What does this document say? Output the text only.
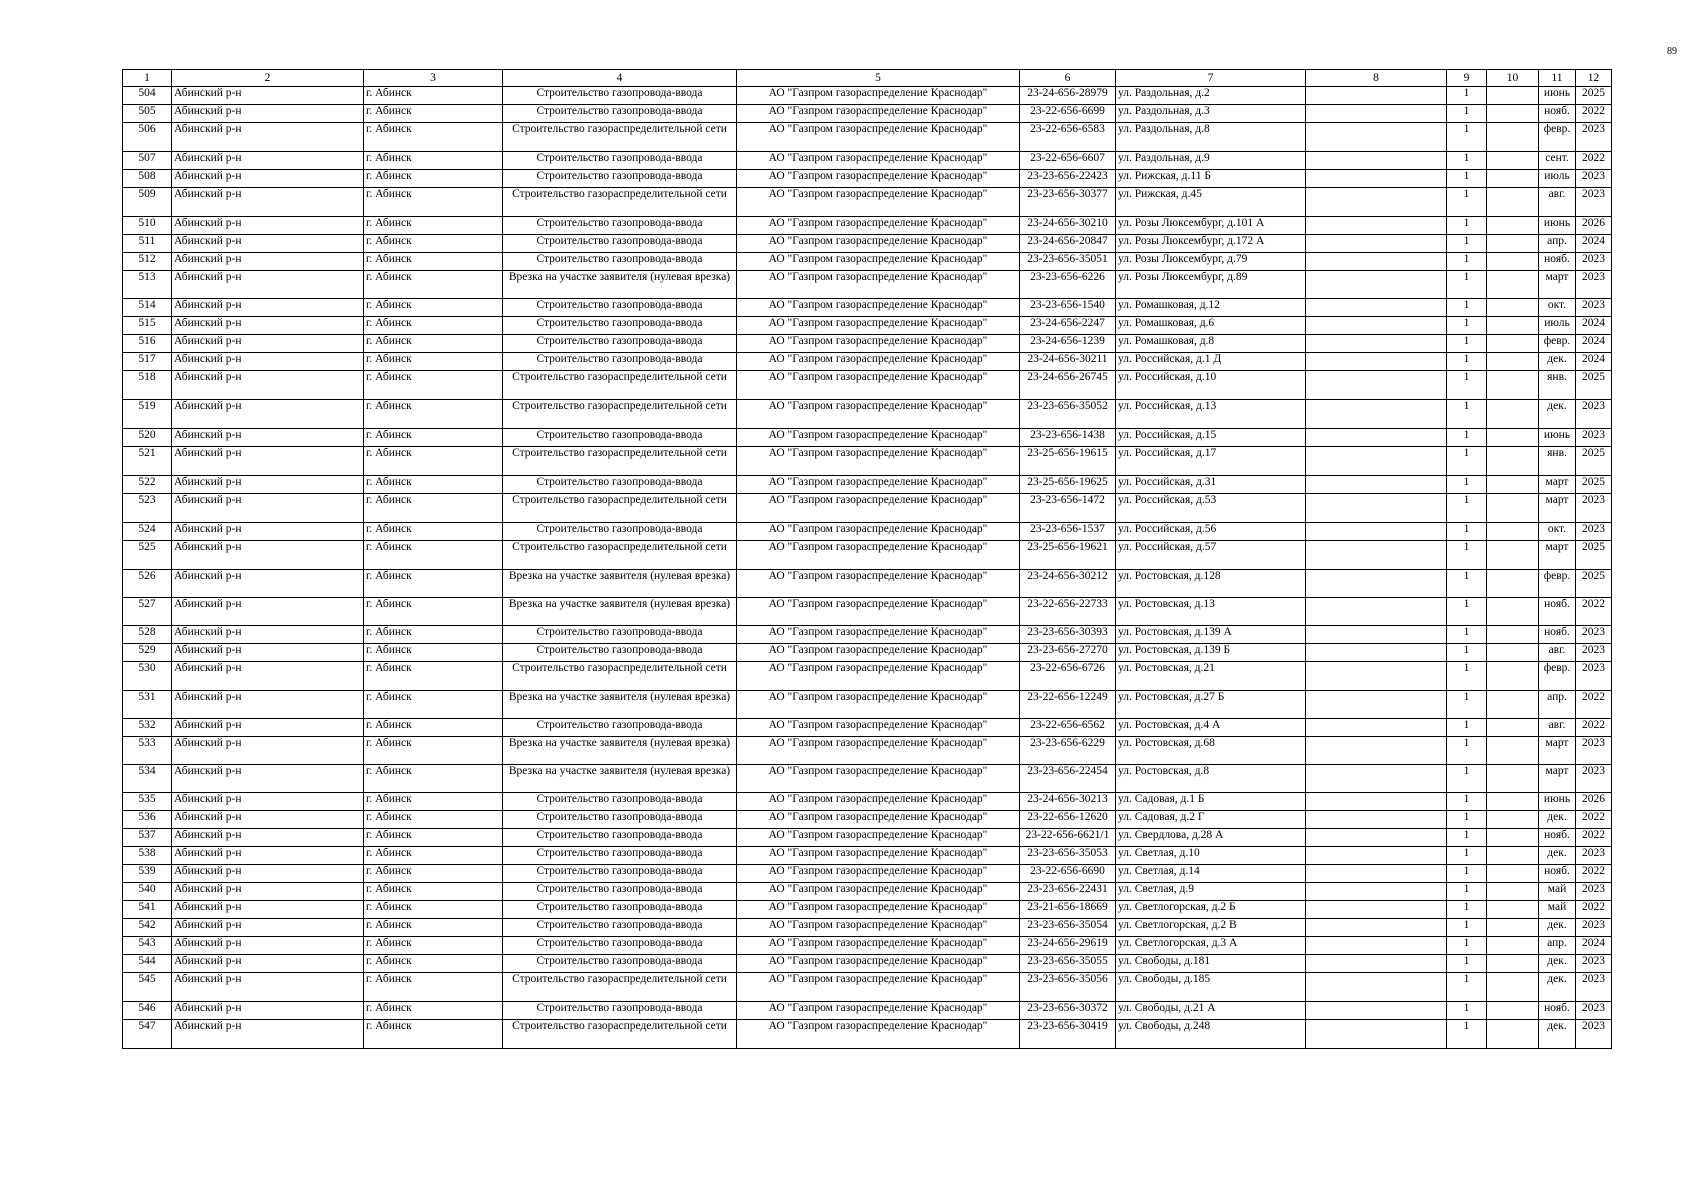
89
1	2	3	4	5	6	7	8	9	10	11	12
504	Абинский р-н	г. Абинск	Строительство газопровода-ввода	АО "Газпром газораспределение Краснодар"	23-24-656-28979	ул. Раздольная, д.2		1		июнь	2025
505	Абинский р-н	г. Абинск	Строительство газопровода-ввода	АО "Газпром газораспределение Краснодар"	23-22-656-6699	ул. Раздольная, д.3		1		нояб.	2022
506	Абинский р-н	г. Абинск	Строительство газораспределительной сети	АО "Газпром газораспределение Краснодар"	23-22-656-6583	ул. Раздольная, д.8		1		февр.	2023
507	Абинский р-н	г. Абинск	Строительство газопровода-ввода	АО "Газпром газораспределение Краснодар"	23-22-656-6607	ул. Раздольная, д.9		1		сент.	2022
508	Абинский р-н	г. Абинск	Строительство газопровода-ввода	АО "Газпром газораспределение Краснодар"	23-23-656-22423	ул. Рижская, д.11 Б		1		июль	2023
509	Абинский р-н	г. Абинск	Строительство газораспределительной сети	АО "Газпром газораспределение Краснодар"	23-23-656-30377	ул. Рижская, д.45		1		авг.	2023
510	Абинский р-н	г. Абинск	Строительство газопровода-ввода	АО "Газпром газораспределение Краснодар"	23-24-656-30210	ул. Розы Люксембург, д.101 А		1		июнь	2026
511	Абинский р-н	г. Абинск	Строительство газопровода-ввода	АО "Газпром газораспределение Краснодар"	23-24-656-20847	ул. Розы Люксембург, д.172 А		1		апр.	2024
512	Абинский р-н	г. Абинск	Строительство газопровода-ввода	АО "Газпром газораспределение Краснодар"	23-23-656-35051	ул. Розы Люксембург, д.79		1		нояб.	2023
513	Абинский р-н	г. Абинск	Врезка на участке заявителя (нулевая врезка)	АО "Газпром газораспределение Краснодар"	23-23-656-6226	ул. Розы Люксембург, д.89		1		март	2023
514	Абинский р-н	г. Абинск	Строительство газопровода-ввода	АО "Газпром газораспределение Краснодар"	23-23-656-1540	ул. Ромашковая, д.12		1		окт.	2023
515	Абинский р-н	г. Абинск	Строительство газопровода-ввода	АО "Газпром газораспределение Краснодар"	23-24-656-2247	ул. Ромашковая, д.6		1		июль	2024
516	Абинский р-н	г. Абинск	Строительство газопровода-ввода	АО "Газпром газораспределение Краснодар"	23-24-656-1239	ул. Ромашковая, д.8		1		февр.	2024
517	Абинский р-н	г. Абинск	Строительство газопровода-ввода	АО "Газпром газораспределение Краснодар"	23-24-656-30211	ул. Российская, д.1 Д		1		дек.	2024
518	Абинский р-н	г. Абинск	Строительство газораспределительной сети	АО "Газпром газораспределение Краснодар"	23-24-656-26745	ул. Российская, д.10		1		янв.	2025
519	Абинский р-н	г. Абинск	Строительство газораспределительной сети	АО "Газпром газораспределение Краснодар"	23-23-656-35052	ул. Российская, д.13		1		дек.	2023
520	Абинский р-н	г. Абинск	Строительство газопровода-ввода	АО "Газпром газораспределение Краснодар"	23-23-656-1438	ул. Российская, д.15		1		июнь	2023
521	Абинский р-н	г. Абинск	Строительство газораспределительной сети	АО "Газпром газораспределение Краснодар"	23-25-656-19615	ул. Российская, д.17		1		янв.	2025
522	Абинский р-н	г. Абинск	Строительство газопровода-ввода	АО "Газпром газораспределение Краснодар"	23-25-656-19625	ул. Российская, д.31		1		март	2025
523	Абинский р-н	г. Абинск	Строительство газораспределительной сети	АО "Газпром газораспределение Краснодар"	23-23-656-1472	ул. Российская, д.53		1		март	2023
524	Абинский р-н	г. Абинск	Строительство газопровода-ввода	АО "Газпром газораспределение Краснодар"	23-23-656-1537	ул. Российская, д.56		1		окт.	2023
525	Абинский р-н	г. Абинск	Строительство газораспределительной сети	АО "Газпром газораспределение Краснодар"	23-25-656-19621	ул. Российская, д.57		1		март	2025
526	Абинский р-н	г. Абинск	Врезка на участке заявителя (нулевая врезка)	АО "Газпром газораспределение Краснодар"	23-24-656-30212	ул. Ростовская, д.128		1		февр.	2025
527	Абинский р-н	г. Абинск	Врезка на участке заявителя (нулевая врезка)	АО "Газпром газораспределение Краснодар"	23-22-656-22733	ул. Ростовская, д.13		1		нояб.	2022
528	Абинский р-н	г. Абинск	Строительство газопровода-ввода	АО "Газпром газораспределение Краснодар"	23-23-656-30393	ул. Ростовская, д.139 А		1		нояб.	2023
529	Абинский р-н	г. Абинск	Строительство газопровода-ввода	АО "Газпром газораспределение Краснодар"	23-23-656-27270	ул. Ростовская, д.139 Б		1		авг.	2023
530	Абинский р-н	г. Абинск	Строительство газораспределительной сети	АО "Газпром газораспределение Краснодар"	23-22-656-6726	ул. Ростовская, д.21		1		февр.	2023
531	Абинский р-н	г. Абинск	Врезка на участке заявителя (нулевая врезка)	АО "Газпром газораспределение Краснодар"	23-22-656-12249	ул. Ростовская, д.27 Б		1		апр.	2022
532	Абинский р-н	г. Абинск	Строительство газопровода-ввода	АО "Газпром газораспределение Краснодар"	23-22-656-6562	ул. Ростовская, д.4 А		1		авг.	2022
533	Абинский р-н	г. Абинск	Врезка на участке заявителя (нулевая врезка)	АО "Газпром газораспределение Краснодар"	23-23-656-6229	ул. Ростовская, д.68		1		март	2023
534	Абинский р-н	г. Абинск	Врезка на участке заявителя (нулевая врезка)	АО "Газпром газораспределение Краснодар"	23-23-656-22454	ул. Ростовская, д.8		1		март	2023
535	Абинский р-н	г. Абинск	Строительство газопровода-ввода	АО "Газпром газораспределение Краснодар"	23-24-656-30213	ул. Садовая, д.1 Б		1		июнь	2026
536	Абинский р-н	г. Абинск	Строительство газопровода-ввода	АО "Газпром газораспределение Краснодар"	23-22-656-12620	ул. Садовая, д.2 Г		1		дек.	2022
537	Абинский р-н	г. Абинск	Строительство газопровода-ввода	АО "Газпром газораспределение Краснодар"	23-22-656-6621/1	ул. Свердлова, д.28 А		1		нояб.	2022
538	Абинский р-н	г. Абинск	Строительство газопровода-ввода	АО "Газпром газораспределение Краснодар"	23-23-656-35053	ул. Светлая, д.10		1		дек.	2023
539	Абинский р-н	г. Абинск	Строительство газопровода-ввода	АО "Газпром газораспределение Краснодар"	23-22-656-6690	ул. Светлая, д.14		1		нояб.	2022
540	Абинский р-н	г. Абинск	Строительство газопровода-ввода	АО "Газпром газораспределение Краснодар"	23-23-656-22431	ул. Светлая, д.9		1		май	2023
541	Абинский р-н	г. Абинск	Строительство газопровода-ввода	АО "Газпром газораспределение Краснодар"	23-21-656-18669	ул. Светлогорская, д.2 Б		1		май	2022
542	Абинский р-н	г. Абинск	Строительство газопровода-ввода	АО "Газпром газораспределение Краснодар"	23-23-656-35054	ул. Светлогорская, д.2 В		1		дек.	2023
543	Абинский р-н	г. Абинск	Строительство газопровода-ввода	АО "Газпром газораспределение Краснодар"	23-24-656-29619	ул. Светлогорская, д.3 А		1		апр.	2024
544	Абинский р-н	г. Абинск	Строительство газопровода-ввода	АО "Газпром газораспределение Краснодар"	23-23-656-35055	ул. Свободы, д.181		1		дек.	2023
545	Абинский р-н	г. Абинск	Строительство газораспределительной сети	АО "Газпром газораспределение Краснодар"	23-23-656-35056	ул. Свободы, д.185		1		дек.	2023
546	Абинский р-н	г. Абинск	Строительство газопровода-ввода	АО "Газпром газораспределение Краснодар"	23-23-656-30372	ул. Свободы, д.21 А		1		нояб.	2023
547	Абинский р-н	г. Абинск	Строительство газораспределительной сети	АО "Газпром газораспределение Краснодар"	23-23-656-30419	ул. Свободы, д.248		1		дек.	2023
